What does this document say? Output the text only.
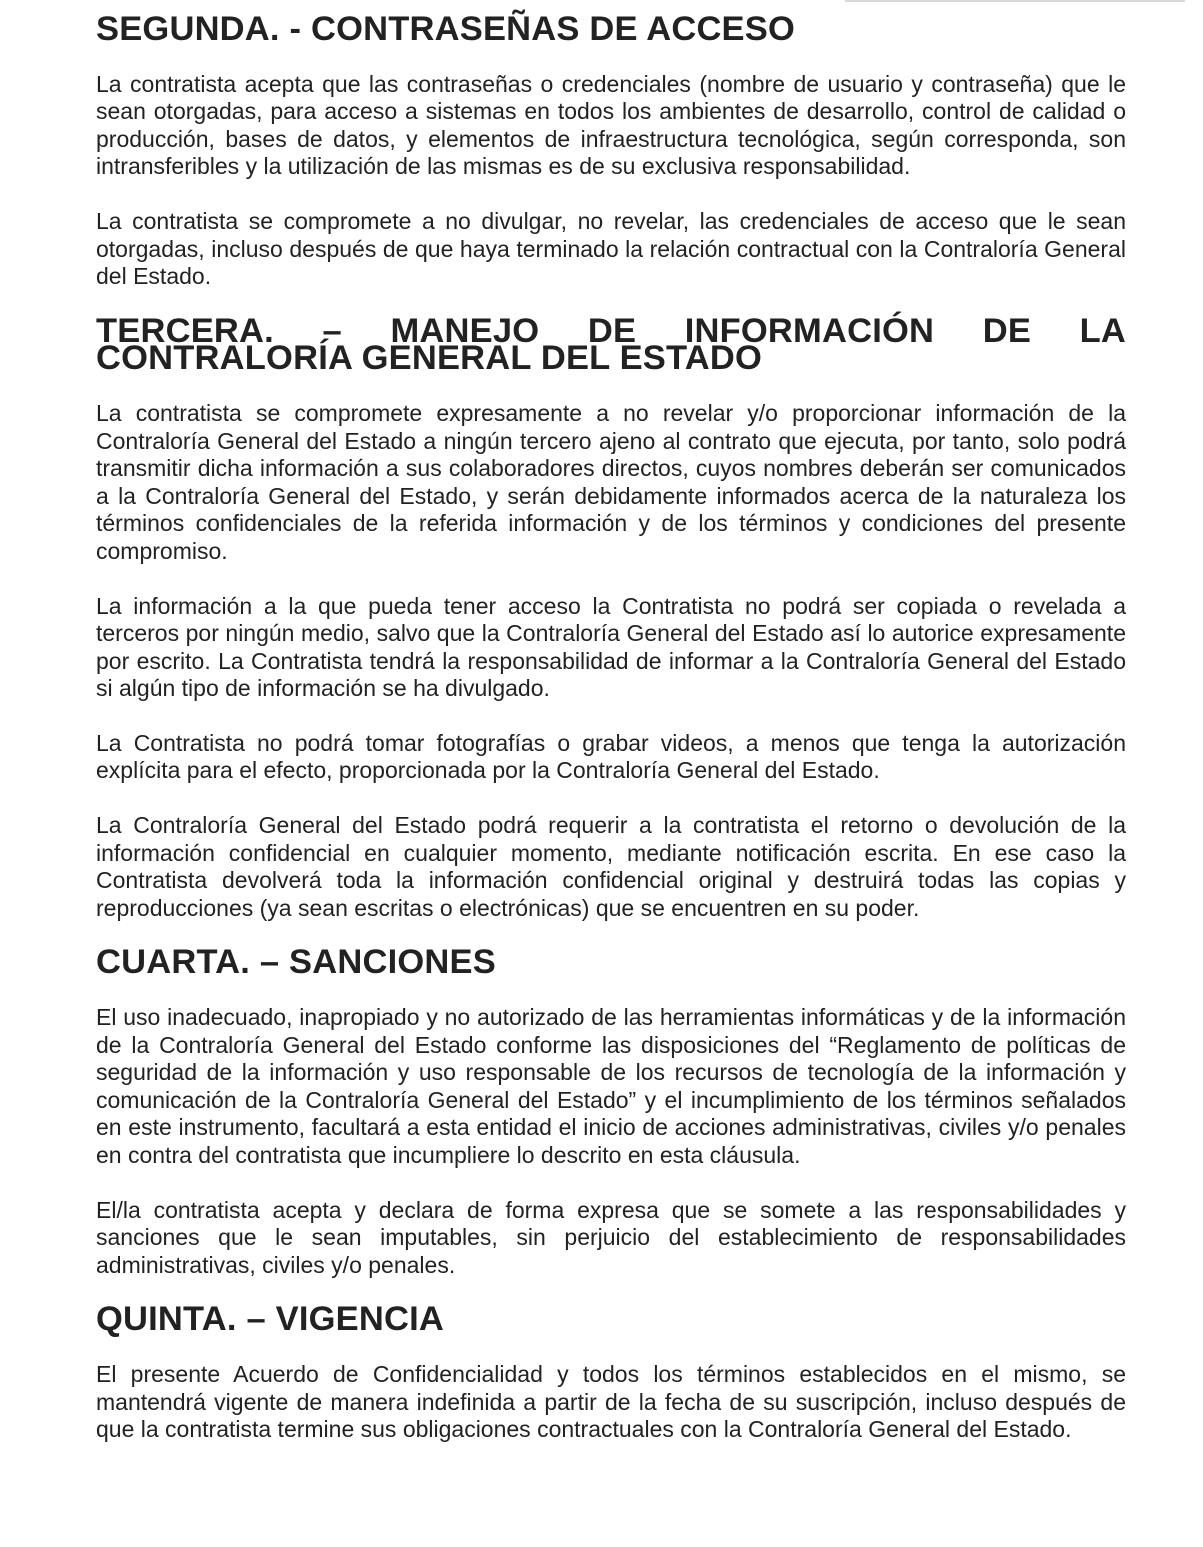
SEGUNDA. - CONTRASEÑAS DE ACCESO

La contratista acepta que las contraseñas o credenciales (nombre de usuario y contraseña) que le sean otorgadas, para acceso a sistemas en todos los ambientes de desarrollo, control de calidad o producción, bases de datos, y elementos de infraestructura tecnológica, según corresponda, son intransferibles y la utilización de las mismas es de su exclusiva responsabilidad.

La contratista se compromete a no divulgar, no revelar, las credenciales de acceso que le sean otorgadas, incluso después de que haya terminado la relación contractual con la Contraloría General del Estado.

TERCERA. – MANEJO DE INFORMACIÓN DE LA CONTRALORÍA GENERAL DEL ESTADO

La contratista se compromete expresamente a no revelar y/o proporcionar información de la Contraloría General del Estado a ningún tercero ajeno al contrato que ejecuta, por tanto, solo podrá transmitir dicha información a sus colaboradores directos, cuyos nombres deberán ser comunicados a la Contraloría General del Estado, y serán debidamente informados acerca de la naturaleza los términos confidenciales de la referida información y de los términos y condiciones del presente compromiso.

La información a la que pueda tener acceso la Contratista no podrá ser copiada o revelada a terceros por ningún medio, salvo que la Contraloría General del Estado así lo autorice expresamente por escrito. La Contratista tendrá la responsabilidad de informar a la Contraloría General del Estado si algún tipo de información se ha divulgado.

La Contratista no podrá tomar fotografías o grabar videos, a menos que tenga la autorización explícita para el efecto, proporcionada por la Contraloría General del Estado.

La Contraloría General del Estado podrá requerir a la contratista el retorno o devolución de la información confidencial en cualquier momento, mediante notificación escrita. En ese caso la Contratista devolverá toda la información confidencial original y destruirá todas las copias y reproducciones (ya sean escritas o electrónicas) que se encuentren en su poder.

CUARTA. – SANCIONES

El uso inadecuado, inapropiado y no autorizado de las herramientas informáticas y de la información de la Contraloría General del Estado conforme las disposiciones del “Reglamento de políticas de seguridad de la información y uso responsable de los recursos de tecnología de la información y comunicación de la Contraloría General del Estado” y el incumplimiento de los términos señalados en este instrumento, facultará a esta entidad el inicio de acciones administrativas, civiles y/o penales en contra del contratista que incumpliere lo descrito en esta cláusula.

El/la contratista acepta y declara de forma expresa que se somete a las responsabilidades y sanciones que le sean imputables, sin perjuicio del establecimiento de responsabilidades administrativas, civiles y/o penales.

QUINTA. – VIGENCIA

El presente Acuerdo de Confidencialidad y todos los términos establecidos en el mismo, se mantendrá vigente de manera indefinida a partir de la fecha de su suscripción, incluso después de que la contratista termine sus obligaciones contractuales con la Contraloría General del Estado.
